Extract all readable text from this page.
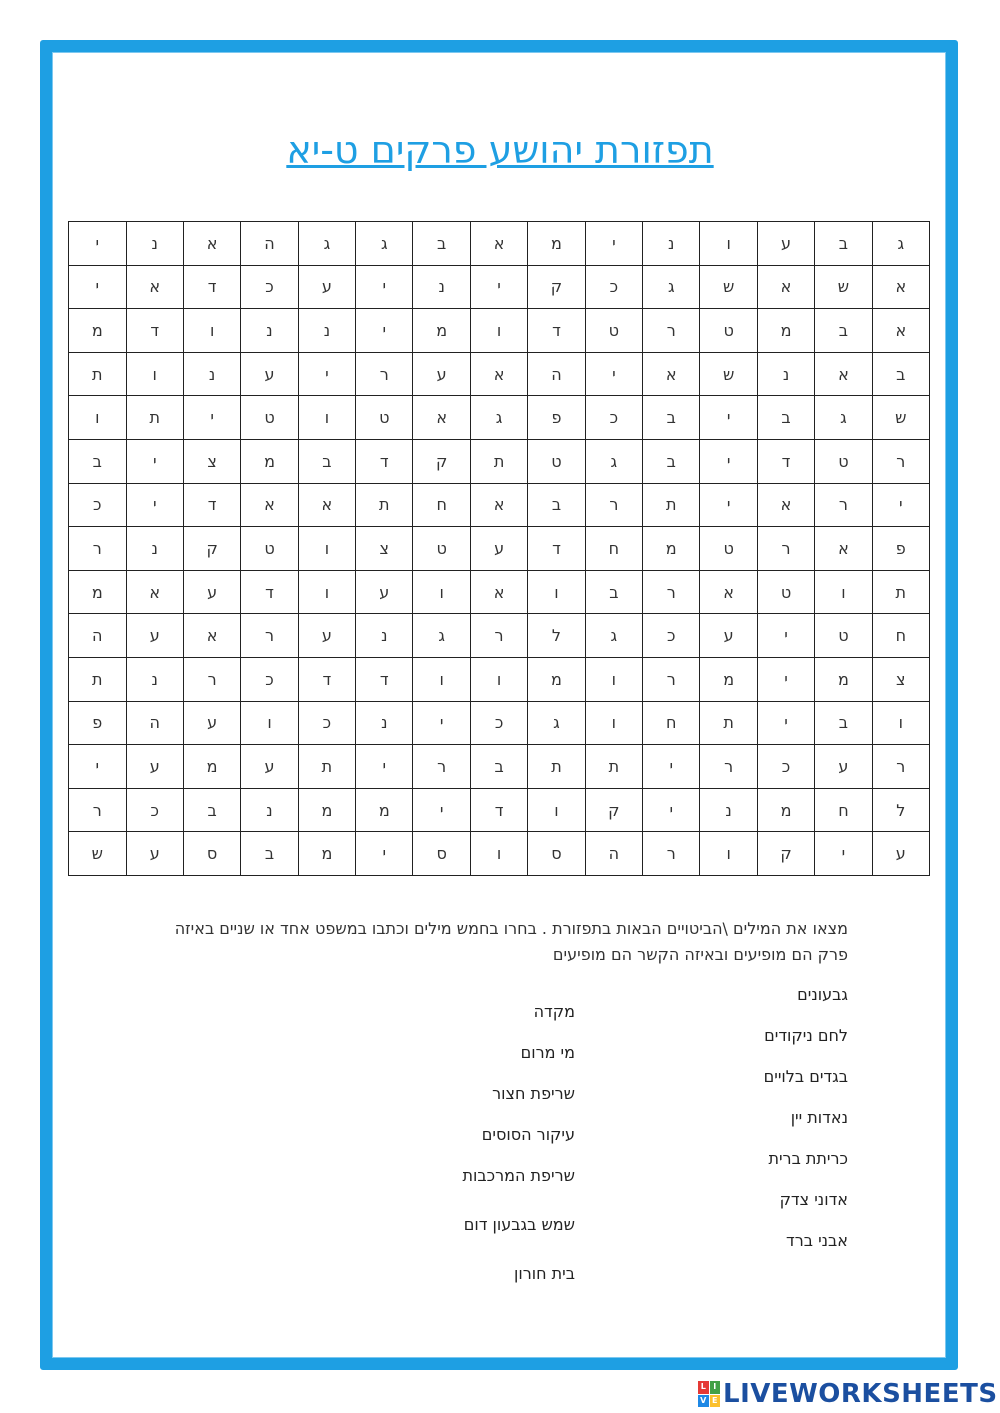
תפזורת יהושע פרקים ט-יא
ג	ב	ע	ו	נ	י	מ	א	ב	ג	ג	ה	א	נ	י
א	ש	א	ש	ג	כ	ק	י	נ	י	ע	כ	ד	א	י
א	ב	מ	ט	ר	ט	ד	ו	מ	י	נ	נ	ו	ד	מ
ב	א	נ	ש	א	י	ה	א	ע	ר	י	ע	נ	ו	ת
ש	ג	ב	י	ב	כ	פ	ג	א	ט	ו	ט	י	ת	ו
ר	ט	ד	י	ב	ג	ט	ת	ק	ד	ב	מ	צ	י	ב
י	ר	א	י	ת	ר	ב	א	ח	ת	א	א	ד	י	כ
פ	א	ר	ט	מ	ח	ד	ע	ט	צ	ו	ט	ק	נ	ר
ת	ו	ט	א	ר	ב	ו	א	ו	ע	ו	ד	ע	א	מ
ח	ט	י	ע	כ	ג	ל	ר	ג	נ	ע	ר	א	ע	ה
צ	מ	י	מ	ר	ו	מ	ו	ו	ד	ד	כ	ר	נ	ת
ו	ב	י	ת	ח	ו	ג	כ	י	נ	כ	ו	ע	ה	פ
ר	ע	כ	ר	י	ת	ת	ב	ר	י	ת	ע	מ	ע	י
ל	ח	מ	נ	י	ק	ו	ד	י	מ	מ	נ	ב	כ	ר
ע	י	ק	ו	ר	ה	ס	ו	ס	י	מ	ב	ס	ע	ש
מצאו את המילים \הביטויים הבאות בתפזורת . בחרו בחמש מילים וכתבו במשפט אחד או שניים באיזה פרק הם מופיעים ובאיזה הקשר הם מופיעים
גבעונים
לחם ניקודים
בגדים בלויים
נאדות יין
כריתת ברית
אדוני צדק
אבני ברד
מקדה
מי מרום
שריפת חצור
עיקור הסוסים
שריפת המרכבות
שמש בגבעון דום
בית חורון
L I
V E LIVEWORKSHEETS
